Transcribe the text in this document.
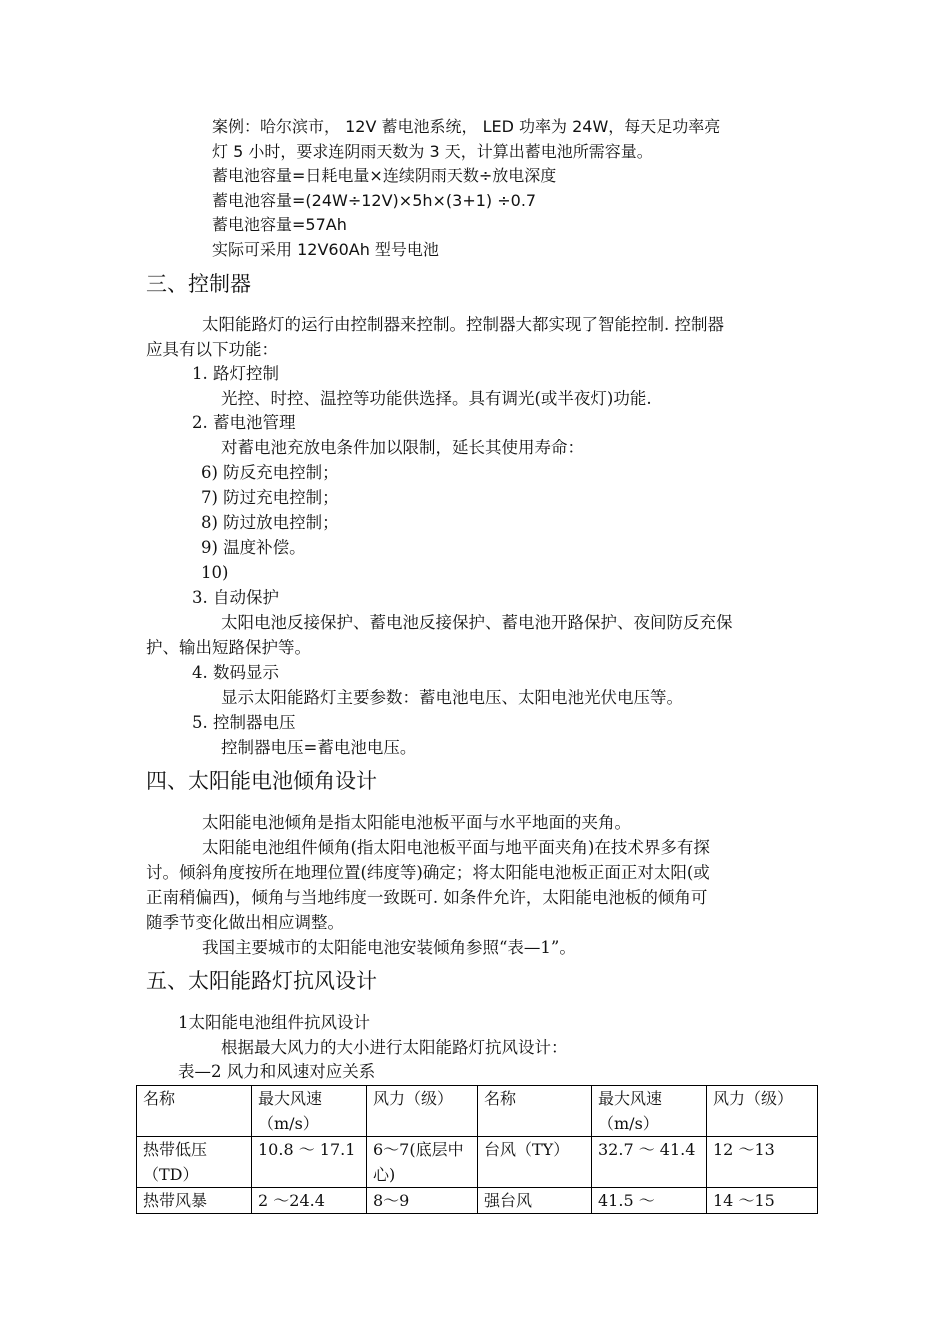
案例：哈尔滨市， 12V 蓄电池系统， LED 功率为 24W，每天足功率亮
灯 5 小时，要求连阴雨天数为 3 天，计算出蓄电池所需容量。
蓄电池容量=日耗电量×连续阴雨天数÷放电深度
蓄电池容量=(24W÷12V)×5h×(3+1) ÷0.7
蓄电池容量=57Ah
实际可采用 12V60Ah 型号电池
三、控制器
太阳能路灯的运行由控制器来控制。控制器大都实现了智能控制. 控制器
应具有以下功能：
1. 路灯控制
光控、时控、温控等功能供选择。具有调光(或半夜灯)功能.
2. 蓄电池管理
对蓄电池充放电条件加以限制，延长其使用寿命：
6) 防反充电控制；
7) 防过充电控制；
8) 防过放电控制；
9) 温度补偿。
10)
3. 自动保护
太阳电池反接保护、蓄电池反接保护、蓄电池开路保护、夜间防反充保
护、输出短路保护等。
4. 数码显示
显示太阳能路灯主要参数：蓄电池电压、太阳电池光伏电压等。
5. 控制器电压
控制器电压=蓄电池电压。
四、太阳能电池倾角设计
太阳能电池倾角是指太阳能电池板平面与水平地面的夹角。
太阳能电池组件倾角(指太阳电池板平面与地平面夹角)在技术界多有探
讨。倾斜角度按所在地理位置(纬度等)确定；将太阳能电池板正面正对太阳(或
正南稍偏西)，倾角与当地纬度一致既可. 如条件允许，太阳能电池板的倾角可
随季节变化做出相应调整。
我国主要城市的太阳能电池安装倾角参照“表—1”。
五、太阳能路灯抗风设计
1太阳能电池组件抗风设计
根据最大风力的大小进行太阳能路灯抗风设计：
表—2 风力和风速对应关系
名称	最大风速（m/s）	风力（级）	名称	最大风速（m/s）	风力（级）
热带低压（TD）	10.8 ～ 17.1	6～7(底层中心)	台风（TY）	32.7 ～ 41.4	12 ～13
热带风暴	2 ～24.4	8～9	强台风	41.5 ～	14 ～15
